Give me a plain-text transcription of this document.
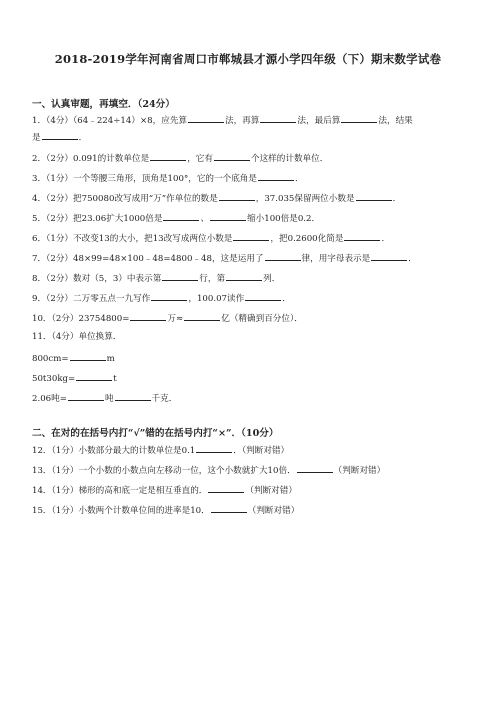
2018-2019学年河南省周口市郸城县才源小学四年级（下）期末数学试卷
一、认真审题，再填空．（24分）
1．（4分）（64﹣224÷14）×8，应先算	法，再算	法，最后算	法，结果
是	．
2．（2分）0.091的计数单位是	，它有	个这样的计数单位．
3．（1分）一个等腰三角形，顶角是100°，它的一个底角是	．
4．（2分）把750080改写成用“万”作单位的数是	，37.035保留两位小数是	．
5．（2分）把23.06扩大1000倍是	、	缩小100倍是0.2．
6．（1分）不改变13的大小，把13改写成两位小数是	，把0.2600化简是	．
7．（2分）48×99=48×100﹣48=4800﹣48，这是运用了	律，用字母表示是	．
8．（2分）数对（5，3）中表示第	行，第	列．
9．（2分）二万零五点一九写作	，100.07读作	．
10．（2分）23754800=	万≈	亿（精确到百分位）．
11．（4分）单位换算．
800cm=	m
50t30kg=	t
2.06吨=	吨	千克．
二、在对的在括号内打“√”错的在括号内打“×”．（10分）
12．（1分）小数部分最大的计数单位是0.1	．（判断对错）
13．（1分）一个小数的小数点向左移动一位，这个小数就扩大10倍．	（判断对错）
14．（1分）梯形的高和底一定是相互垂直的．	（判断对错）
15．（1分）小数两个计数单位间的进率是10．	（判断对错）
